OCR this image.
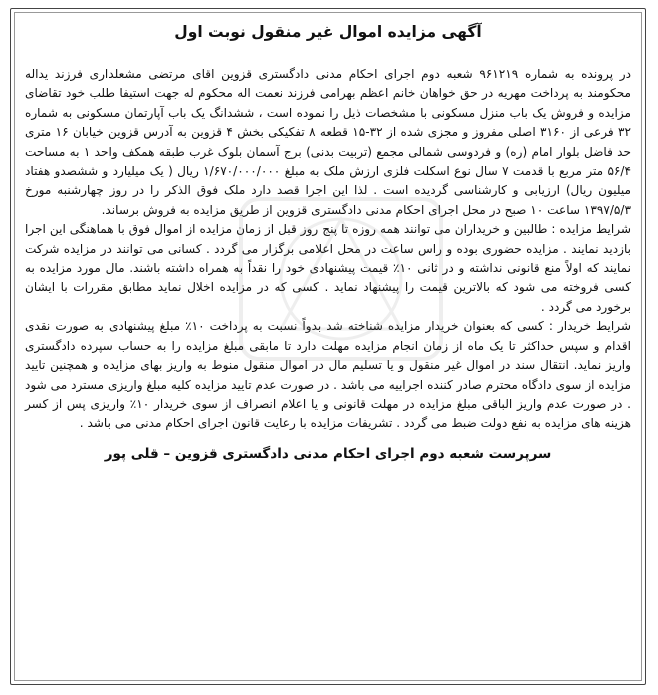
آگهی مزایده اموال غیر منقول نوبت اول

در پرونده به شماره ۹۶۱۲۱۹ شعبه دوم اجرای احکام مدنی دادگستری قزوین اقای مرتضی مشعلداری فرزند یداله محکومند به پرداخت مهریه در حق خواهان خانم اعظم بهرامی فرزند نعمت اله محکوم له جهت استیفا طلب خود تقاضای مزایده و فروش یک باب منزل مسکونی با مشخصات ذیل را نموده است ، ششدانگ یک باب آپارتمان مسکونی به شماره ۳۲ فرعی از ۳۱۶۰ اصلی مفروز و مجزی شده از ۳۲-۱۵ قطعه ۸ تفکیکی بخش ۴ قزوین به آدرس قزوین خیابان ۱۶ متری حد فاضل بلوار امام (ره) و فردوسی شمالی مجمع (تربیت بدنی) برج آسمان بلوک غرب طبقه همکف واحد ۱ به مساحت ۵۶/۴ متر مربع با قدمت ۷ سال نوع اسکلت فلزی ارزش ملک به مبلغ ۱/۶۷۰/۰۰۰/۰۰۰ ریال ( یک میلیارد و ششصدو هفتاد میلیون ریال) ارزیابی و کارشناسی گردیده است . لذا این اجرا قصد دارد ملک فوق الذکر را در روز چهارشنبه مورخ ۱۳۹۷/۵/۳ ساعت ۱۰ صبح در محل اجرای احکام مدنی دادگستری قزوین از طریق مزایده به فروش برساند.

شرایط مزایده : طالبین و خریداران می توانند همه روزه تا پنج روز قبل از زمان مزایده از اموال فوق با هماهنگی این اجرا بازدید نمایند . مزایده حضوری بوده و راس ساعت در محل اعلامی برگزار می گردد . کسانی می توانند در مزایده شرکت نمایند که اولاً منع قانونی نداشته و در ثانی ۱۰٪ قیمت پیشنهادی خود را نقداً به همراه داشته باشند. مال مورد مزایده به کسی فروخته می شود که بالاترین قیمت را پیشنهاد نماید . کسی که در مزایده اخلال نماید مطابق مقررات با ایشان برخورد می گردد .

شرایط خریدار : کسی که بعنوان خریدار مزایده شناخته شد بدواً نسبت به پرداخت ۱۰٪ مبلغ پیشنهادی به صورت نقدی اقدام و سپس حداکثر تا یک ماه از زمان انجام مزایده مهلت دارد تا مابقی مبلغ مزایده را به حساب سپرده دادگستری واریز نماید. انتقال سند در اموال غیر منقول و یا تسلیم مال در اموال منقول منوط به واریز بهای مزایده و همچنین تایید مزایده از سوی دادگاه محترم صادر کننده اجراییه می باشد . در صورت عدم تایید مزایده کلیه مبلغ واریزی مسترد می شود . در صورت عدم واریز الباقی مبلغ مزایده در مهلت قانونی و یا اعلام انصراف از سوی خریدار ۱۰٪ واریزی پس از کسر هزینه های مزایده به نفع دولت ضبط می گردد . تشریفات مزایده با رعایت قانون اجرای احکام مدنی می باشد .

سرپرست شعبه دوم اجرای احکام مدنی دادگستری قزوین – قلی پور
